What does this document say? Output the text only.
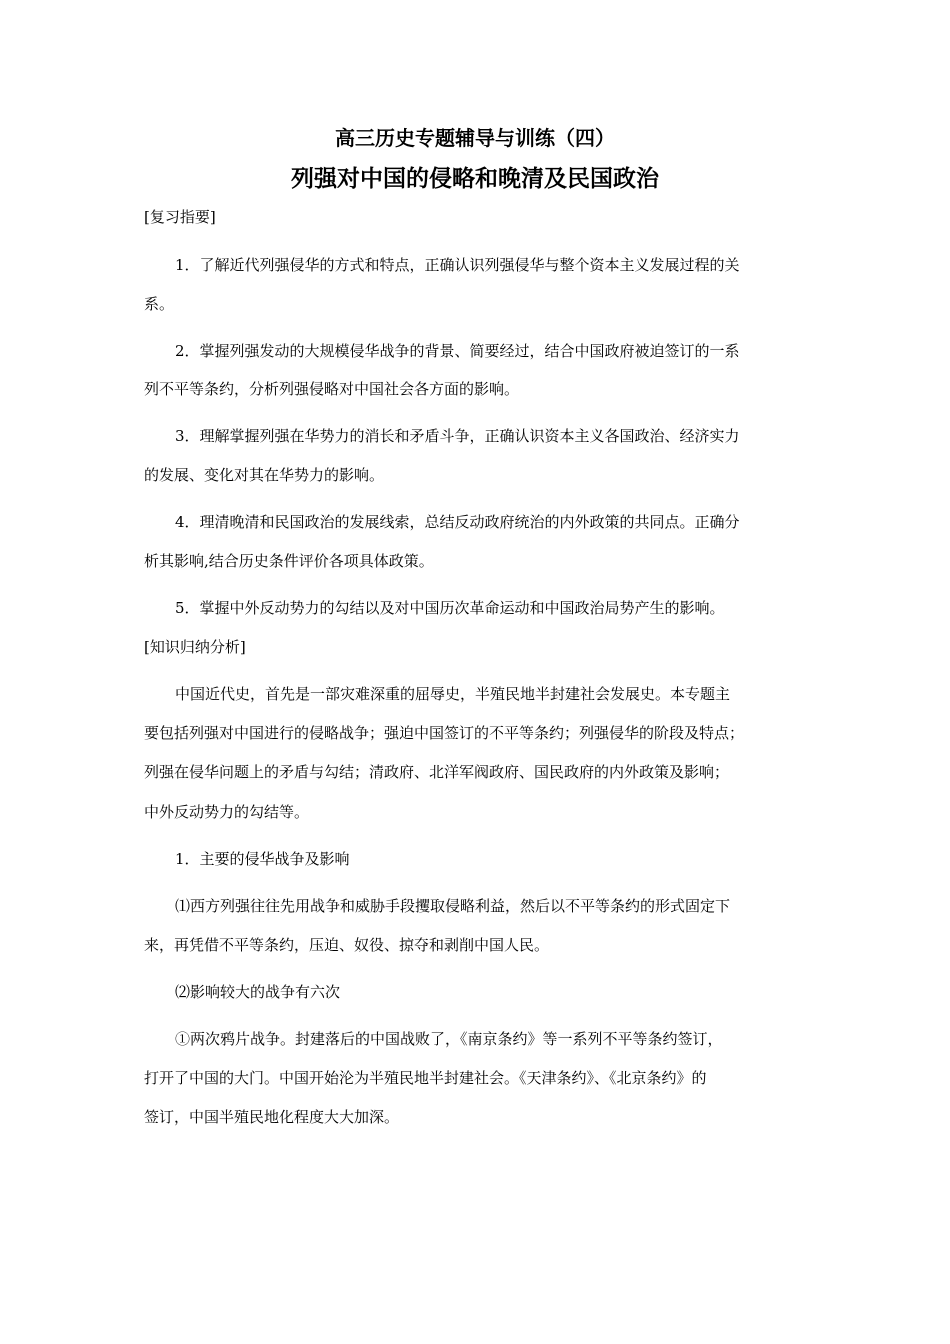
高三历史专题辅导与训练（四）
列强对中国的侵略和晚清及民国政治
[复习指要]
1．了解近代列强侵华的方式和特点，正确认识列强侵华与整个资本主义发展过程的关
系。
2．掌握列强发动的大规模侵华战争的背景、简要经过，结合中国政府被迫签订的一系
列不平等条约，分析列强侵略对中国社会各方面的影响。
3．理解掌握列强在华势力的消长和矛盾斗争，正确认识资本主义各国政治、经济实力
的发展、变化对其在华势力的影响。
4．理清晚清和民国政治的发展线索，总结反动政府统治的内外政策的共同点。正确分
析其影响,结合历史条件评价各项具体政策。
5．掌握中外反动势力的勾结以及对中国历次革命运动和中国政治局势产生的影响。
[知识归纳分析]
中国近代史，首先是一部灾难深重的屈辱史，半殖民地半封建社会发展史。本专题主
要包括列强对中国进行的侵略战争；强迫中国签订的不平等条约；列强侵华的阶段及特点；
列强在侵华问题上的矛盾与勾结；清政府、北洋军阀政府、国民政府的内外政策及影响；
中外反动势力的勾结等。
1．主要的侵华战争及影响
⑴西方列强往往先用战争和威胁手段攫取侵略利益，然后以不平等条约的形式固定下
来，再凭借不平等条约，压迫、奴役、掠夺和剥削中国人民。
⑵影响较大的战争有六次
①两次鸦片战争。封建落后的中国战败了，《南京条约》等一系列不平等条约签订，
打开了中国的大门。中国开始沦为半殖民地半封建社会。《天津条约》、《北京条约》的
签订，中国半殖民地化程度大大加深。
